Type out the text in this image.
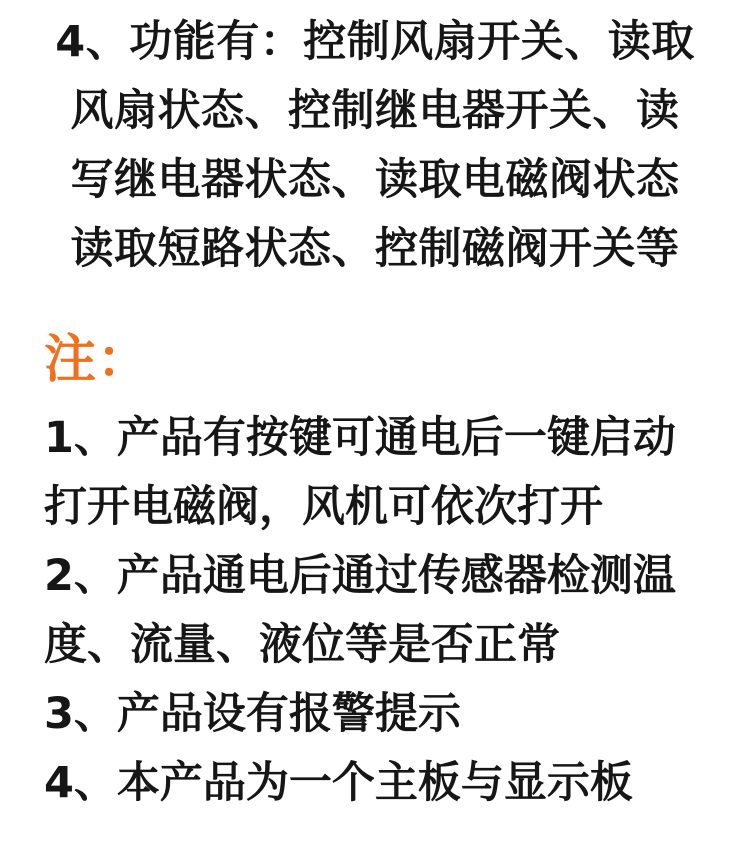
4、功能有：控制风扇开关、读取
风扇状态、控制继电器开关、读
写继电器状态、读取电磁阀状态
读取短路状态、控制磁阀开关等
注：
1、产品有按键可通电后一键启动
打开电磁阀，风机可依次打开
2、产品通电后通过传感器检测温
度、流量、液位等是否正常
3、产品设有报警提示
4、本产品为一个主板与显示板
